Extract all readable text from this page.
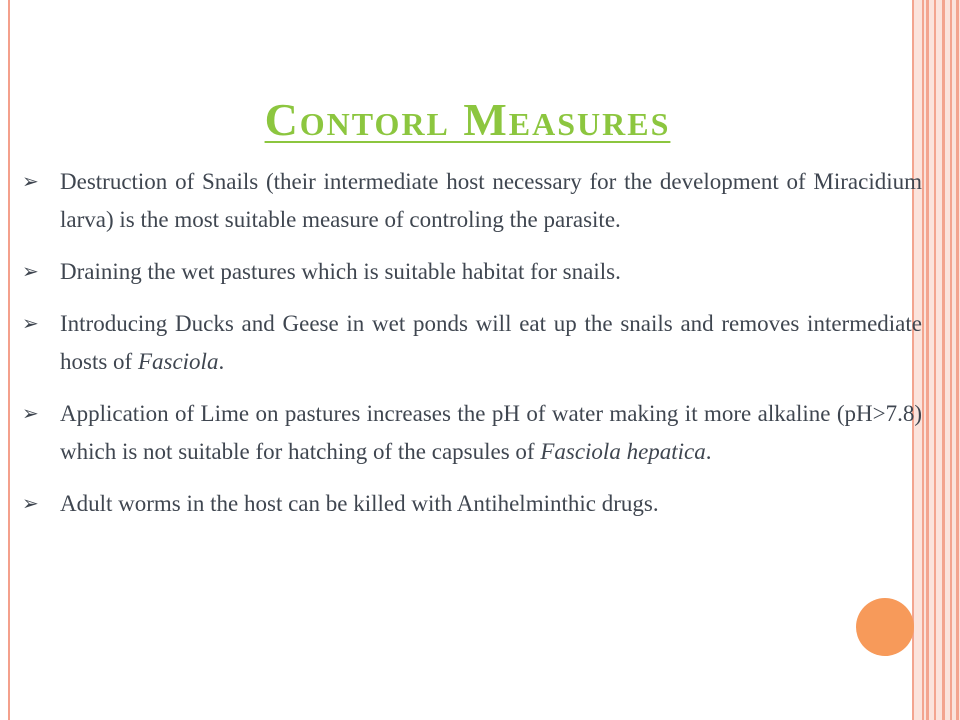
Contorl Measures
➢ Destruction of Snails (their intermediate host necessary for the development of Miracidium larva) is the most suitable measure of controling the parasite.
➢ Draining the wet pastures which is suitable habitat for snails.
➢ Introducing Ducks and Geese in wet ponds will eat up the snails and removes intermediate hosts of Fasciola.
➢ Application of Lime on pastures increases the pH of water making it more alkaline (pH>7.8) which is not suitable for hatching of the capsules of Fasciola hepatica.
➢ Adult worms in the host can be killed with Antihelminthic drugs.
